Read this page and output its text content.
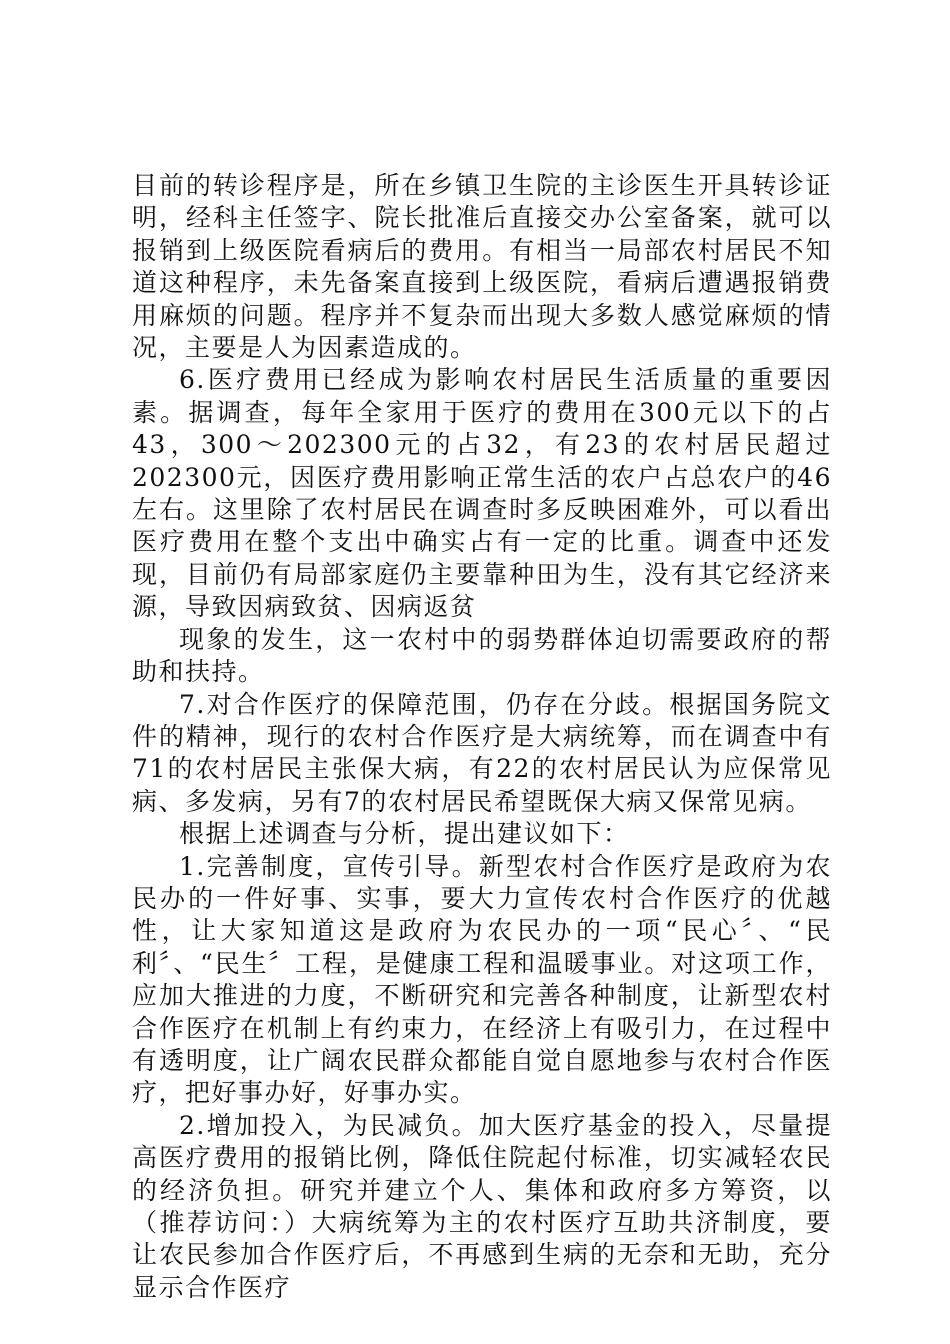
目前的转诊程序是，所在乡镇卫生院的主诊医生开具转诊证明，经科主任签字、院长批准后直接交办公室备案，就可以报销到上级医院看病后的费用。有相当一局部农村居民不知道这种程序，未先备案直接到上级医院，看病后遭遇报销费用麻烦的问题。程序并不复杂而出现大多数人感觉麻烦的情况，主要是人为因素造成的。

6.医疗费用已经成为影响农村居民生活质量的重要因素。据调查，每年全家用于医疗的费用在300元以下的占43，300～202300元的占32，有23的农村居民超过202300元，因医疗费用影响正常生活的农户占总农户的46左右。这里除了农村居民在调查时多反映困难外，可以看出医疗费用在整个支出中确实占有一定的比重。调查中还发现，目前仍有局部家庭仍主要靠种田为生，没有其它经济来源，导致因病致贫、因病返贫

现象的发生，这一农村中的弱势群体迫切需要政府的帮助和扶持。

7.对合作医疗的保障范围，仍存在分歧。根据国务院文件的精神，现行的农村合作医疗是大病统筹，而在调查中有71的农村居民主张保大病，有22的农村居民认为应保常见病、多发病，另有7的农村居民希望既保大病又保常见病。

根据上述调查与分析，提出建议如下：

1.完善制度，宣传引导。新型农村合作医疗是政府为农民办的一件好事、实事，要大力宣传农村合作医疗的优越性，让大家知道这是政府为农民办的一项“民心〞、“民利〞、“民生〞工程，是健康工程和温暖事业。对这项工作，应加大推进的力度，不断研究和完善各种制度，让新型农村合作医疗在机制上有约束力，在经济上有吸引力，在过程中有透明度，让广阔农民群众都能自觉自愿地参与农村合作医疗，把好事办好，好事办实。

2.增加投入，为民减负。加大医疗基金的投入，尽量提高医疗费用的报销比例，降低住院起付标准，切实减轻农民的经济负担。研究并建立个人、集体和政府多方筹资，以（推荐访问：）大病统筹为主的农村医疗互助共济制度，要让农民参加合作医疗后，不再感到生病的无奈和无助，充分显示合作医疗
